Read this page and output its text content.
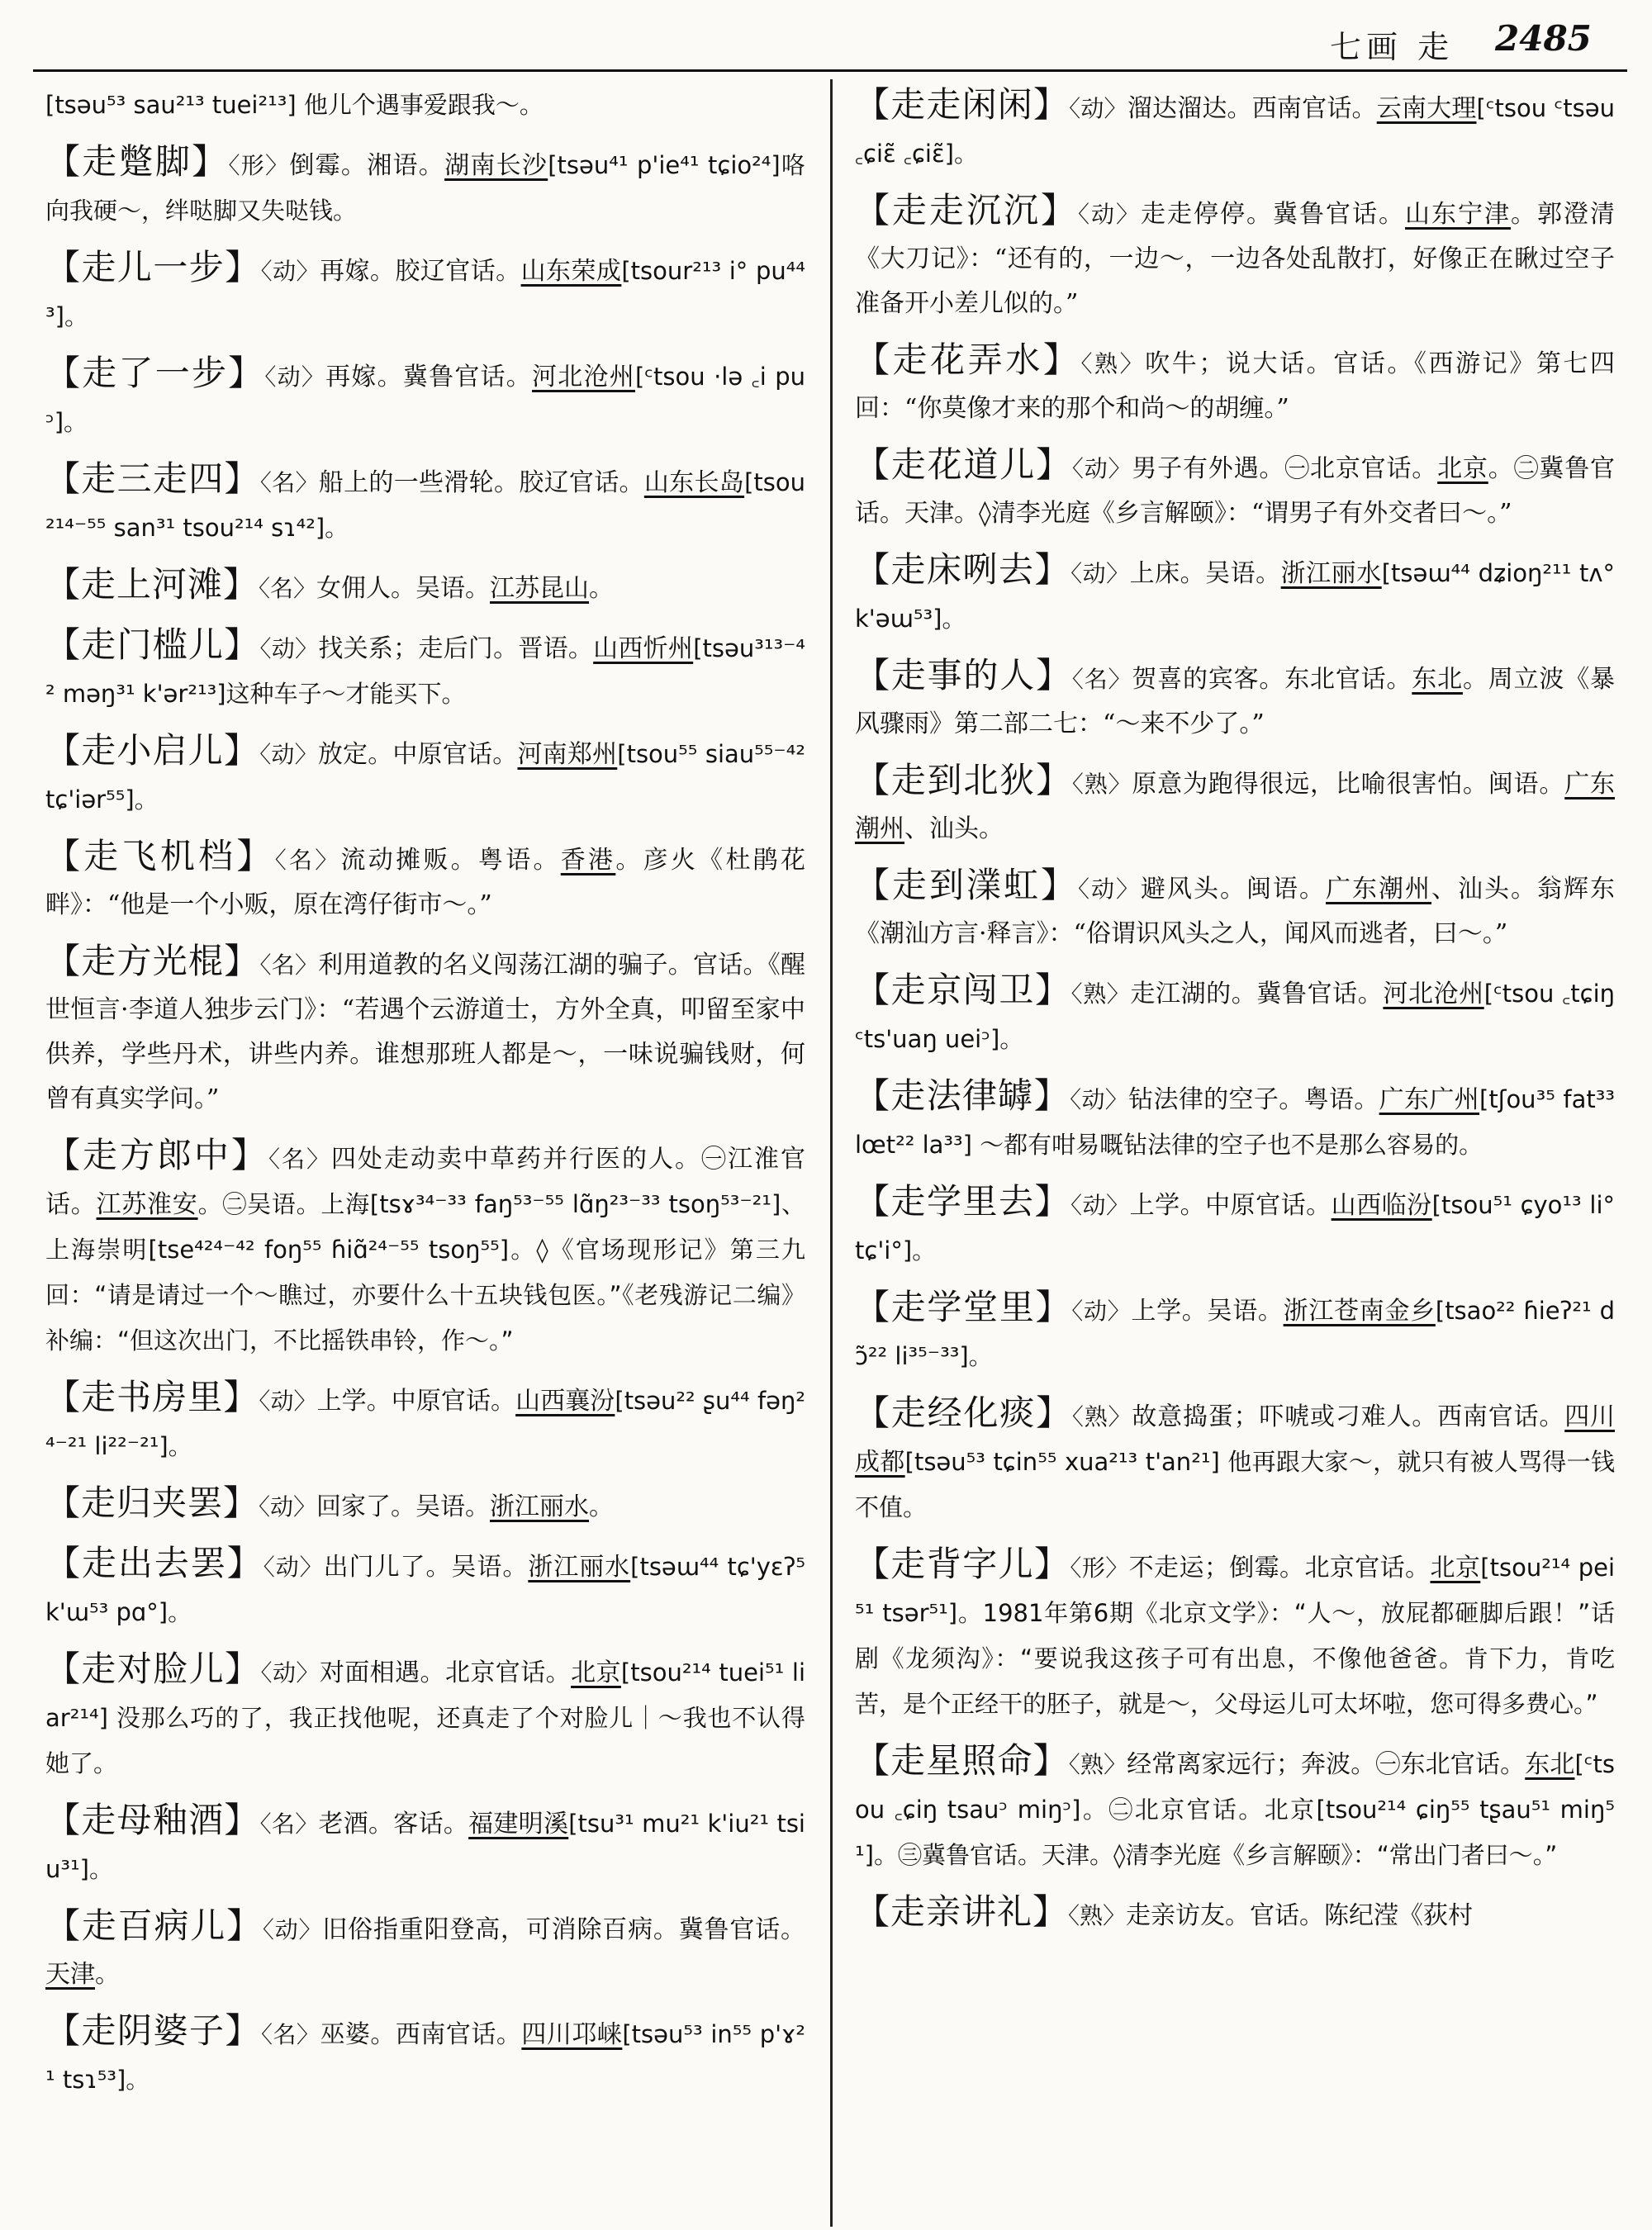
七画 走 2485

[tsəu⁵³ sau²¹³ tuei²¹³] 他儿个遇事爱跟我～。

【走蹩脚】〈形〉倒霉。湘语。湖南长沙[tsəu⁴¹ p'ie⁴¹ tɕio²⁴]咯向我硬～，绊哒脚又失哒钱。

【走儿一步】〈动〉再嫁。胶辽官话。山东荣成[tsour²¹³ i° pu⁴⁴³]。

【走了一步】〈动〉再嫁。冀鲁官话。河北沧州[ᶜtsou ·lə ꜀i puᵓ]。

【走三走四】〈名〉船上的一些滑轮。胶辽官话。山东长岛[tsou²¹⁴⁻⁵⁵ san³¹ tsou²¹⁴ sɿ⁴²]。

【走上河滩】〈名〉女佣人。吴语。江苏昆山。

【走门槛儿】〈动〉找关系；走后门。晋语。山西忻州[tsəu³¹³⁻⁴² məŋ³¹ k'ər²¹³]这种车子～才能买下。

【走小启儿】〈动〉放定。中原官话。河南郑州[tsou⁵⁵ siau⁵⁵⁻⁴² tɕ'iər⁵⁵]。

【走飞机档】〈名〉流动摊贩。粤语。香港。彦火《杜鹃花畔》：“他是一个小贩，原在湾仔街市～。”

【走方光棍】〈名〉利用道教的名义闯荡江湖的骗子。官话。《醒世恒言·李道人独步云门》：“若遇个云游道士，方外全真，叩留至家中供养，学些丹术，讲些内养。谁想那班人都是～，一味说骗钱财，何曾有真实学问。”

【走方郎中】〈名〉四处走动卖中草药并行医的人。㊀江淮官话。江苏淮安。㊁吴语。上海[tsɤ³⁴⁻³³ faŋ⁵³⁻⁵⁵ lɑ̃ŋ²³⁻³³ tsoŋ⁵³⁻²¹]、上海崇明[tse⁴²⁴⁻⁴² foŋ⁵⁵ ɦiɑ̃²⁴⁻⁵⁵ tsoŋ⁵⁵]。◊《官场现形记》第三九回：“请是请过一个～瞧过，亦要什么十五块钱包医。”《老残游记二编》补编：“但这次出门，不比摇铁串铃，作～。”

【走书房里】〈动〉上学。中原官话。山西襄汾[tsəu²² ʂu⁴⁴ fəŋ²⁴⁻²¹ li²²⁻²¹]。

【走归夹罢】〈动〉回家了。吴语。浙江丽水。

【走出去罢】〈动〉出门儿了。吴语。浙江丽水[tsəɯ⁴⁴ tɕ'yɛʔ⁵ k'ɯ⁵³ pɑ°]。

【走对脸儿】〈动〉对面相遇。北京官话。北京[tsou²¹⁴ tuei⁵¹ liar²¹⁴] 没那么巧的了，我正找他呢，还真走了个对脸儿｜～我也不认得她了。

【走母釉酒】〈名〉老酒。客话。福建明溪[tsu³¹ mu²¹ k'iu²¹ tsiu³¹]。

【走百病儿】〈动〉旧俗指重阳登高，可消除百病。冀鲁官话。天津。

【走阴婆子】〈名〉巫婆。西南官话。四川邛崃[tsəu⁵³ in⁵⁵ p'ɤ²¹ tsɿ⁵³]。

【走走闲闲】〈动〉溜达溜达。西南官话。云南大理[ᶜtsou ᶜtsəu ꜀ɕiɛ̃ ꜀ɕiɛ̃]。

【走走沉沉】〈动〉走走停停。冀鲁官话。山东宁津。郭澄清《大刀记》：“还有的，一边～，一边各处乱散打，好像正在瞅过空子准备开小差儿似的。”

【走花弄水】〈熟〉吹牛；说大话。官话。《西游记》第七四回：“你莫像才来的那个和尚～的胡缠。”

【走花道儿】〈动〉男子有外遇。㊀北京官话。北京。㊁冀鲁官话。天津。◊清李光庭《乡言解颐》：“谓男子有外交者曰～。”

【走床咧去】〈动〉上床。吴语。浙江丽水[tsəɯ⁴⁴ dʑioŋ²¹¹ tʌ° k'əɯ⁵³]。

【走事的人】〈名〉贺喜的宾客。东北官话。东北。周立波《暴风骤雨》第二部二七：“～来不少了。”

【走到北狄】〈熟〉原意为跑得很远，比喻很害怕。闽语。广东潮州、汕头。

【走到澲虹】〈动〉避风头。闽语。广东潮州、汕头。翁辉东《潮汕方言·释言》：“俗谓识风头之人，闻风而逃者，曰～。”

【走京闯卫】〈熟〉走江湖的。冀鲁官话。河北沧州[ᶜtsou ꜀tɕiŋ ᶜts'uaŋ ueiᵓ]。

【走法律罅】〈动〉钻法律的空子。粤语。广东广州[tʃou³⁵ fat³³ lœt²² la³³] ～都有咁易嘅钻法律的空子也不是那么容易的。

【走学里去】〈动〉上学。中原官话。山西临汾[tsou⁵¹ ɕyo¹³ li° tɕ'i°]。

【走学堂里】〈动〉上学。吴语。浙江苍南金乡[tsao²² ɦieʔ²¹ dɔ̃²² li³⁵⁻³³]。

【走经化痰】〈熟〉故意捣蛋；吓唬或刁难人。西南官话。四川成都[tsəu⁵³ tɕin⁵⁵ xua²¹³ t'an²¹] 他再跟大家～，就只有被人骂得一钱不值。

【走背字儿】〈形〉不走运；倒霉。北京官话。北京[tsou²¹⁴ pei⁵¹ tsər⁵¹]。1981年第6期《北京文学》：“人～，放屁都砸脚后跟！”话剧《龙须沟》：“要说我这孩子可有出息，不像他爸爸。肯下力，肯吃苦，是个正经干的胚子，就是～，父母运儿可太坏啦，您可得多费心。”

【走星照命】〈熟〉经常离家远行；奔波。㊀东北官话。东北[ᶜtsou ꜀ɕiŋ tsauᵓ miŋᵓ]。㊁北京官话。北京[tsou²¹⁴ ɕiŋ⁵⁵ tʂau⁵¹ miŋ⁵¹]。㊂冀鲁官话。天津。◊清李光庭《乡言解颐》：“常出门者曰～。”

【走亲讲礼】〈熟〉走亲访友。官话。陈纪滢《荻村
